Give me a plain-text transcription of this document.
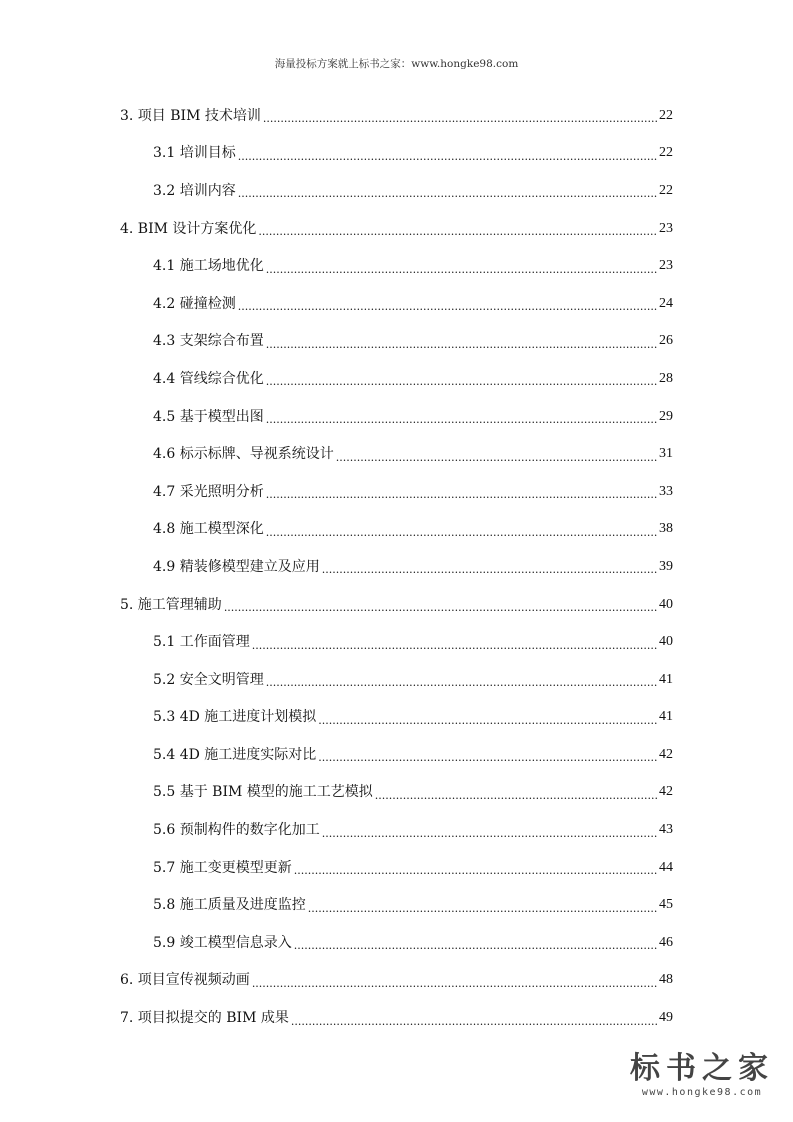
海量投标方案就上标书之家：www.hongke98.com
3. 项目 BIM 技术培训 .....	22
3.1 培训目标 .....	22
3.2 培训内容 .....	22
4. BIM 设计方案优化 .....	23
4.1 施工场地优化 .....	23
4.2 碰撞检测 .....	24
4.3 支架综合布置 .....	26
4.4 管线综合优化 .....	28
4.5 基于模型出图 .....	29
4.6 标示标牌、导视系统设计 .....	31
4.7 采光照明分析 .....	33
4.8 施工模型深化 .....	38
4.9 精装修模型建立及应用 .....	39
5. 施工管理辅助 .....	40
5.1 工作面管理 .....	40
5.2 安全文明管理 .....	41
5.3 4D 施工进度计划模拟 .....	41
5.4 4D 施工进度实际对比 .....	42
5.5 基于 BIM 模型的施工工艺模拟 .....	42
5.6 预制构件的数字化加工 .....	43
5.7 施工变更模型更新 .....	44
5.8 施工质量及进度监控 .....	45
5.9 竣工模型信息录入 .....	46
6. 项目宣传视频动画 .....	48
7. 项目拟提交的 BIM 成果 .....	49
标书之家
www.hongke98.com
